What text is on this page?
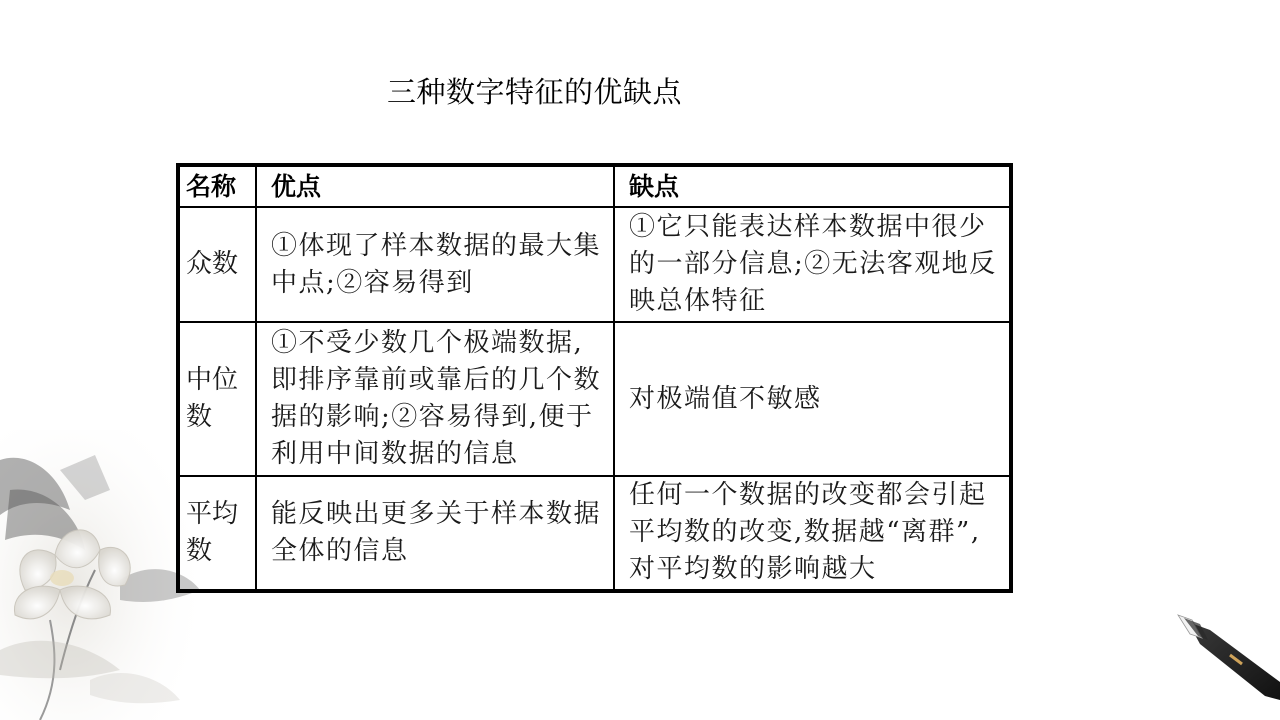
三种数字特征的优缺点
名称	优点	缺点
众数	①体现了样本数据的最大集中点;②容易得到	①它只能表达样本数据中很少的一部分信息;②无法客观地反映总体特征
中位数	①不受少数几个极端数据,即排序靠前或靠后的几个数据的影响;②容易得到,便于利用中间数据的信息	对极端值不敏感
平均数	能反映出更多关于样本数据全体的信息	任何一个数据的改变都会引起平均数的改变,数据越“离群”,对平均数的影响越大
